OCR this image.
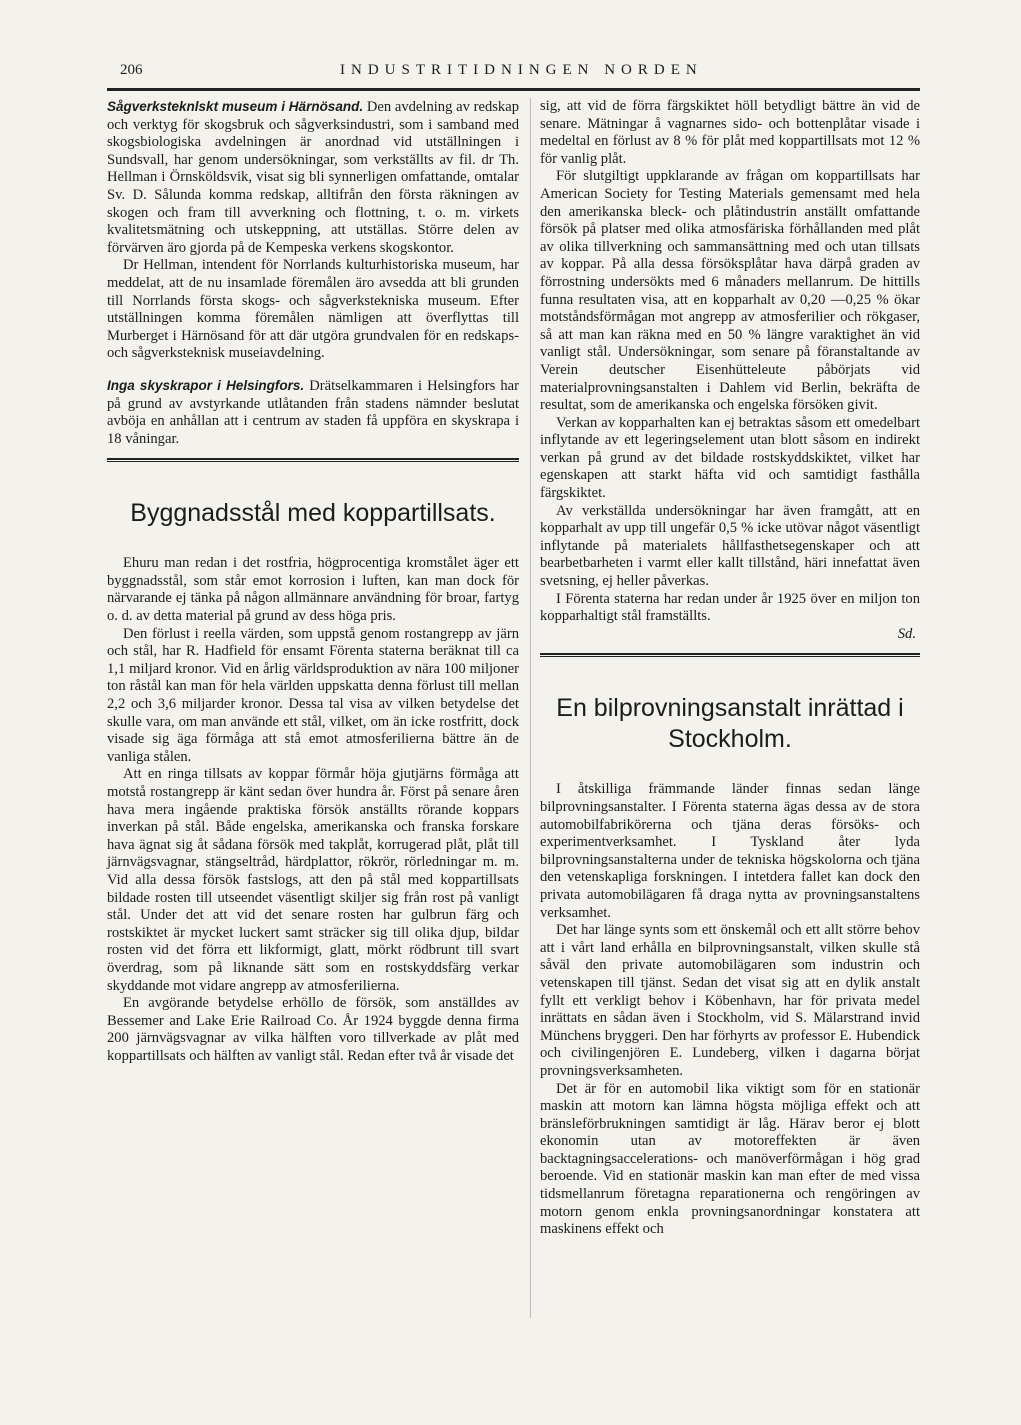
206	INDUSTRITIDNINGEN NORDEN

Sågverksteknlskt museum i Härnösand. Den avdelning av redskap och verktyg för skogsbruk och sågverksindustri, som i samband med skogsbiologiska avdelningen är anordnad vid utställningen i Sundsvall, har genom undersökningar, som verkställts av fil. dr Th. Hellman i Örnsköldsvik, visat sig bli synnerligen omfattande, omtalar Sv. D. Sålunda komma redskap, alltifrån den första räkningen av skogen och fram till avverkning och flottning, t. o. m. virkets kvalitetsmätning och utskeppning, att utställas. Större delen av förvärven äro gjorda på de Kempeska verkens skogskontor.

Dr Hellman, intendent för Norrlands kulturhistoriska museum, har meddelat, att de nu insamlade föremålen äro avsedda att bli grunden till Norrlands första skogs- och sågverkstekniska museum. Efter utställningen komma föremålen nämligen att överflyttas till Murberget i Härnösand för att där utgöra grundvalen för en redskaps- och sågverksteknisk museiavdelning.

Inga skyskrapor i Helsingfors. Drätselkammaren i Helsingfors har på grund av avstyrkande utlåtanden från stadens nämnder beslutat avböja en anhållan att i centrum av staden få uppföra en skyskrapa i 18 våningar.

Byggnadsstål med koppartillsats.

Ehuru man redan i det rostfria, högprocentiga kromstålet äger ett byggnadsstål, som står emot korrosion i luften, kan man dock för närvarande ej tänka på någon allmännare användning för broar, fartyg o. d. av detta material på grund av dess höga pris.

Den förlust i reella värden, som uppstå genom rostangrepp av järn och stål, har R. Hadfield för ensamt Förenta staterna beräknat till ca 1,1 miljard kronor. Vid en årlig världsproduktion av nära 100 miljoner ton råstål kan man för hela världen uppskatta denna förlust till mellan 2,2 och 3,6 miljarder kronor. Dessa tal visa av vilken betydelse det skulle vara, om man använde ett stål, vilket, om än icke rostfritt, dock visade sig äga förmåga att stå emot atmosferilierna bättre än de vanliga stålen.

Att en ringa tillsats av koppar förmår höja gjutjärns förmåga att motstå rostangrepp är känt sedan över hundra år. Först på senare åren hava mera ingående praktiska försök anställts rörande koppars inverkan på stål. Både engelska, amerikanska och franska forskare hava ägnat sig åt sådana försök med takplåt, korrugerad plåt, plåt till järnvägsvagnar, stängseltråd, härdplattor, rökrör, rörledningar m. m. Vid alla dessa försök fastslogs, att den på stål med koppartillsats bildade rosten till utseendet väsentligt skiljer sig från rost på vanligt stål. Under det att vid det senare rosten har gulbrun färg och rostskiktet är mycket luckert samt sträcker sig till olika djup, bildar rosten vid det förra ett likformigt, glatt, mörkt rödbrunt till svart överdrag, som på liknande sätt som en rostskyddsfärg verkar skyddande mot vidare angrepp av atmosferilierna.

En avgörande betydelse erhöllo de försök, som anställdes av Bessemer and Lake Erie Railroad Co. År 1924 byggde denna firma 200 järnvägsvagnar av vilka hälften voro tillverkade av plåt med koppartillsats och hälften av vanligt stål. Redan efter två år visade det

sig, att vid de förra färgskiktet höll betydligt bättre än vid de senare. Mätningar å vagnarnes sido- och bottenplåtar visade i medeltal en förlust av 8 % för plåt med koppartillsats mot 12 % för vanlig plåt.

För slutgiltigt uppklarande av frågan om koppartillsats har American Society for Testing Materials gemensamt med hela den amerikanska bleck- och plåtindustrin anställt omfattande försök på platser med olika atmosfäriska förhållanden med plåt av olika tillverkning och sammansättning med och utan tillsats av koppar. På alla dessa försöksplåtar hava därpå graden av förrostning undersökts med 6 månaders mellanrum. De hittills funna resultaten visa, att en kopparhalt av 0,20 —0,25 % ökar motståndsförmågan mot angrepp av atmosferilier och rökgaser, så att man kan räkna med en 50 % längre varaktighet än vid vanligt stål. Undersökningar, som senare på föranstaltande av Verein deutscher Eisenhütteleute påbörjats vid materialprovningsanstalten i Dahlem vid Berlin, bekräfta de resultat, som de amerikanska och engelska försöken givit.

Verkan av kopparhalten kan ej betraktas såsom ett omedelbart inflytande av ett legeringselement utan blott såsom en indirekt verkan på grund av det bildade rostskyddskiktet, vilket har egenskapen att starkt häfta vid och samtidigt fasthålla färgskiktet.

Av verkställda undersökningar har även framgått, att en kopparhalt av upp till ungefär 0,5 % icke utövar något väsentligt inflytande på materialets hållfasthetsegenskaper och att bearbetbarheten i varmt eller kallt tillstånd, häri innefattat även svetsning, ej heller påverkas.

I Förenta staterna har redan under år 1925 över en miljon ton kopparhaltigt stål framställts.

Sd.

En bilprovningsanstalt inrättad i Stockholm.

I åtskilliga främmande länder finnas sedan länge bilprovningsanstalter. I Förenta staterna ägas dessa av de stora automobilfabrikörerna och tjäna deras försöks- och experimentverksamhet. I Tyskland åter lyda bilprovningsanstalterna under de tekniska högskolorna och tjäna den vetenskapliga forskningen. I intetdera fallet kan dock den privata automobilägaren få draga nytta av provningsanstaltens verksamhet.

Det har länge synts som ett önskemål och ett allt större behov att i vårt land erhålla en bilprovningsanstalt, vilken skulle stå såväl den private automobilägaren som industrin och vetenskapen till tjänst. Sedan det visat sig att en dylik anstalt fyllt ett verkligt behov i Köbenhavn, har för privata medel inrättats en sådan även i Stockholm, vid S. Mälarstrand invid Münchens bryggeri. Den har förhyrts av professor E. Hubendick och civilingenjören E. Lundeberg, vilken i dagarna börjat provningsverksamheten.

Det är för en automobil lika viktigt som för en stationär maskin att motorn kan lämna högsta möjliga effekt och att bränsleförbrukningen samtidigt är låg. Härav beror ej blott ekonomin utan av motoreffekten är även backtagningsaccelerations- och manöverförmågan i hög grad beroende. Vid en stationär maskin kan man efter de med vissa tidsmellanrum företagna reparationerna och rengöringen av motorn genom enkla provningsanordningar konstatera att maskinens effekt och
